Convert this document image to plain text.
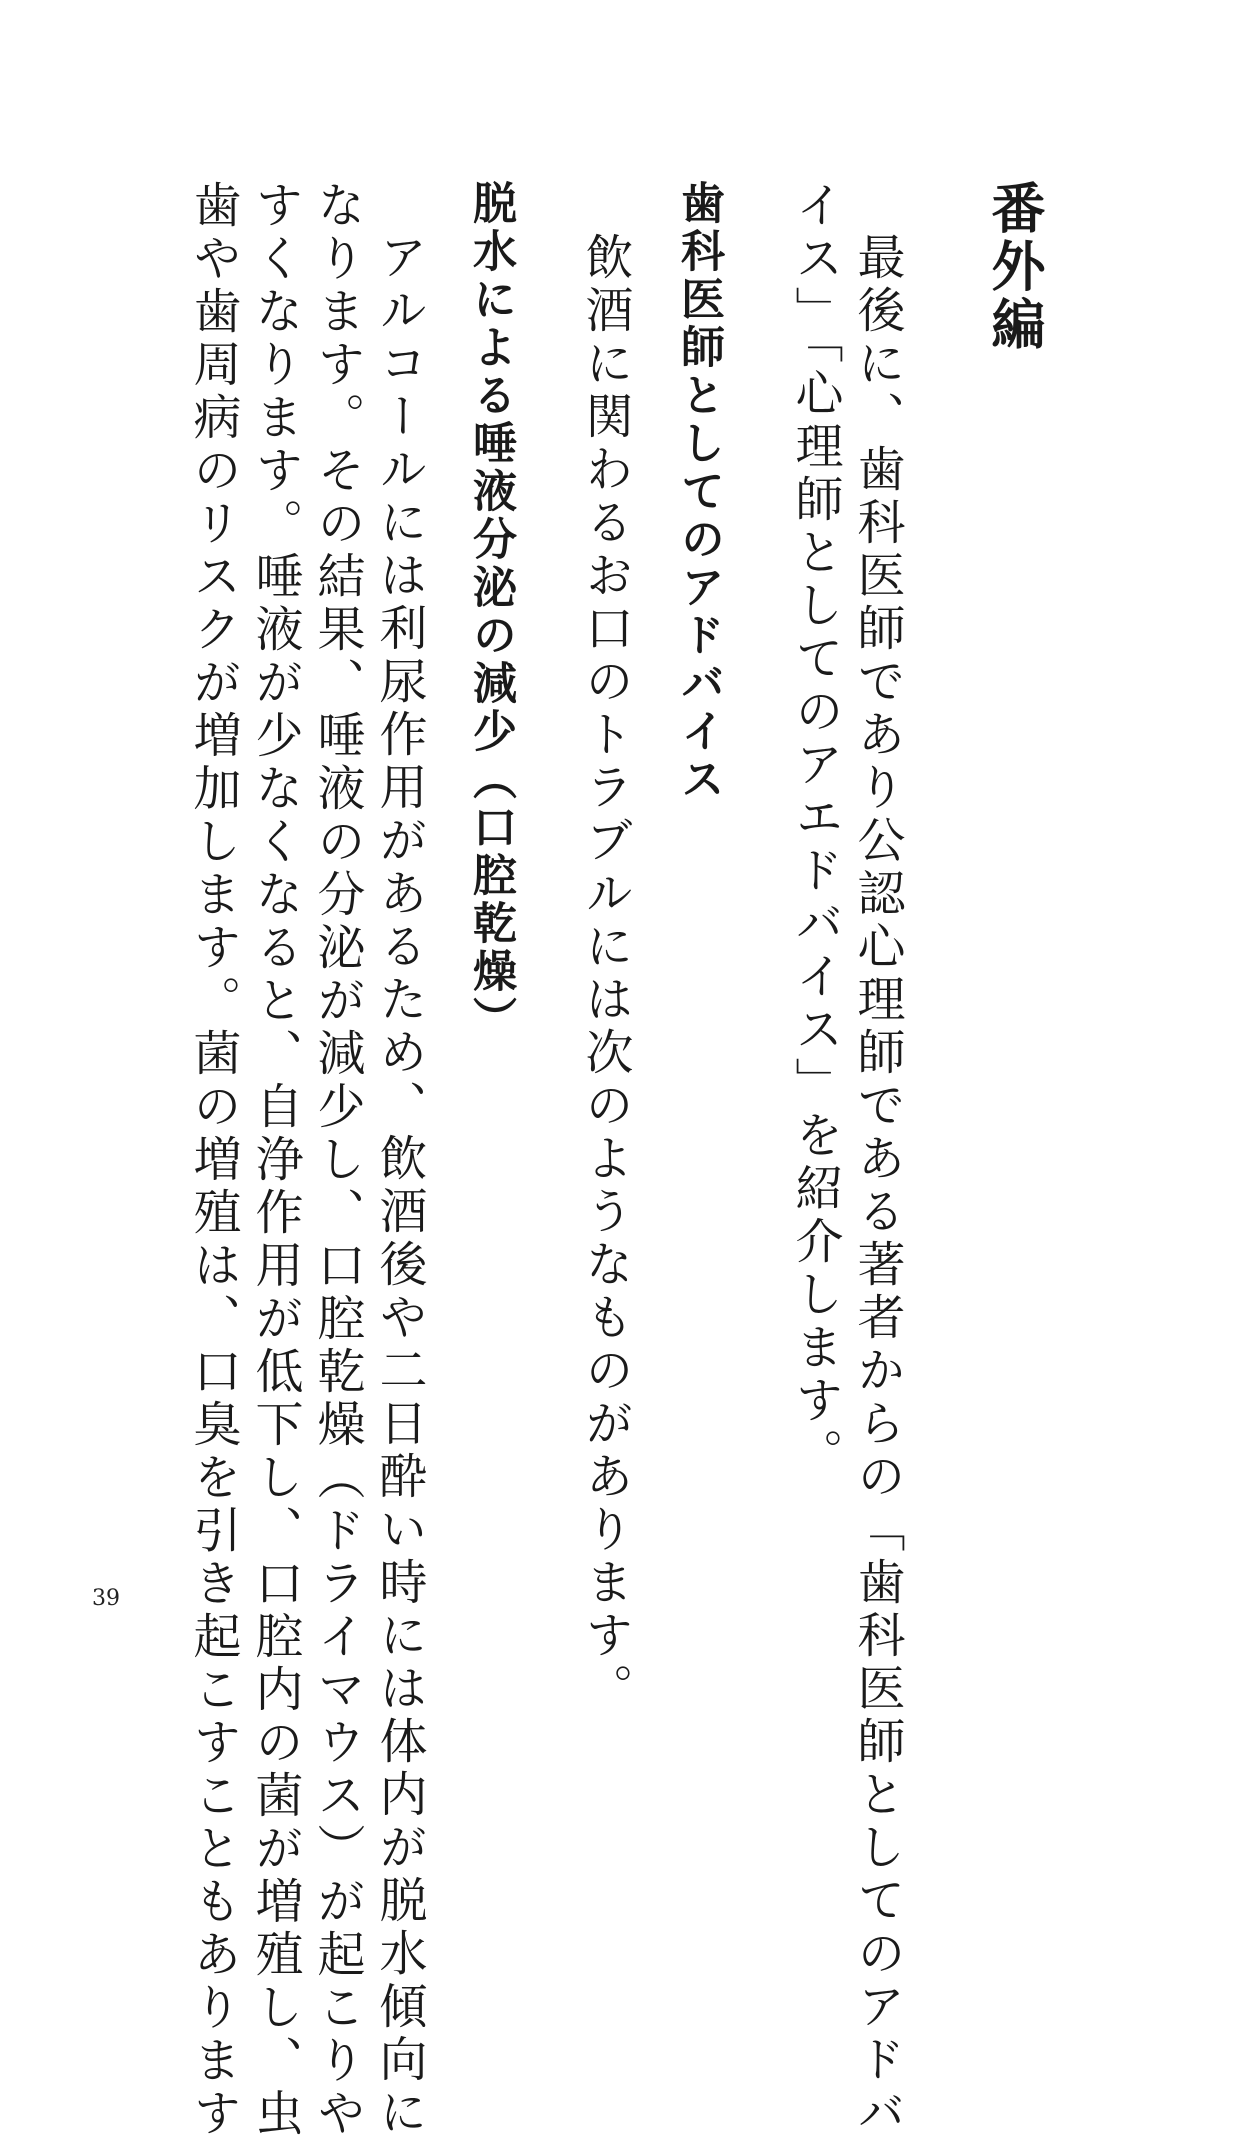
番外編
最後に、歯科医師であり公認心理師である著者からの「歯科医師としてのアドバ
イス」「心理師としてのアエドバイス」を紹介します。
歯科医師としてのアドバイス
飲酒に関わるお口のトラブルには次のようなものがあります。
脱水による唾液分泌の減少（口腔乾燥）
アルコールには利尿作用があるため、飲酒後や二日酔い時には体内が脱水傾向に
なります。その結果、唾液の分泌が減少し、口腔乾燥（ドライマウス）が起こりや
すくなります。唾液が少なくなると、自浄作用が低下し、口腔内の菌が増殖し、虫
歯や歯周病のリスクが増加します。菌の増殖は、口臭を引き起こすこともあります
39
